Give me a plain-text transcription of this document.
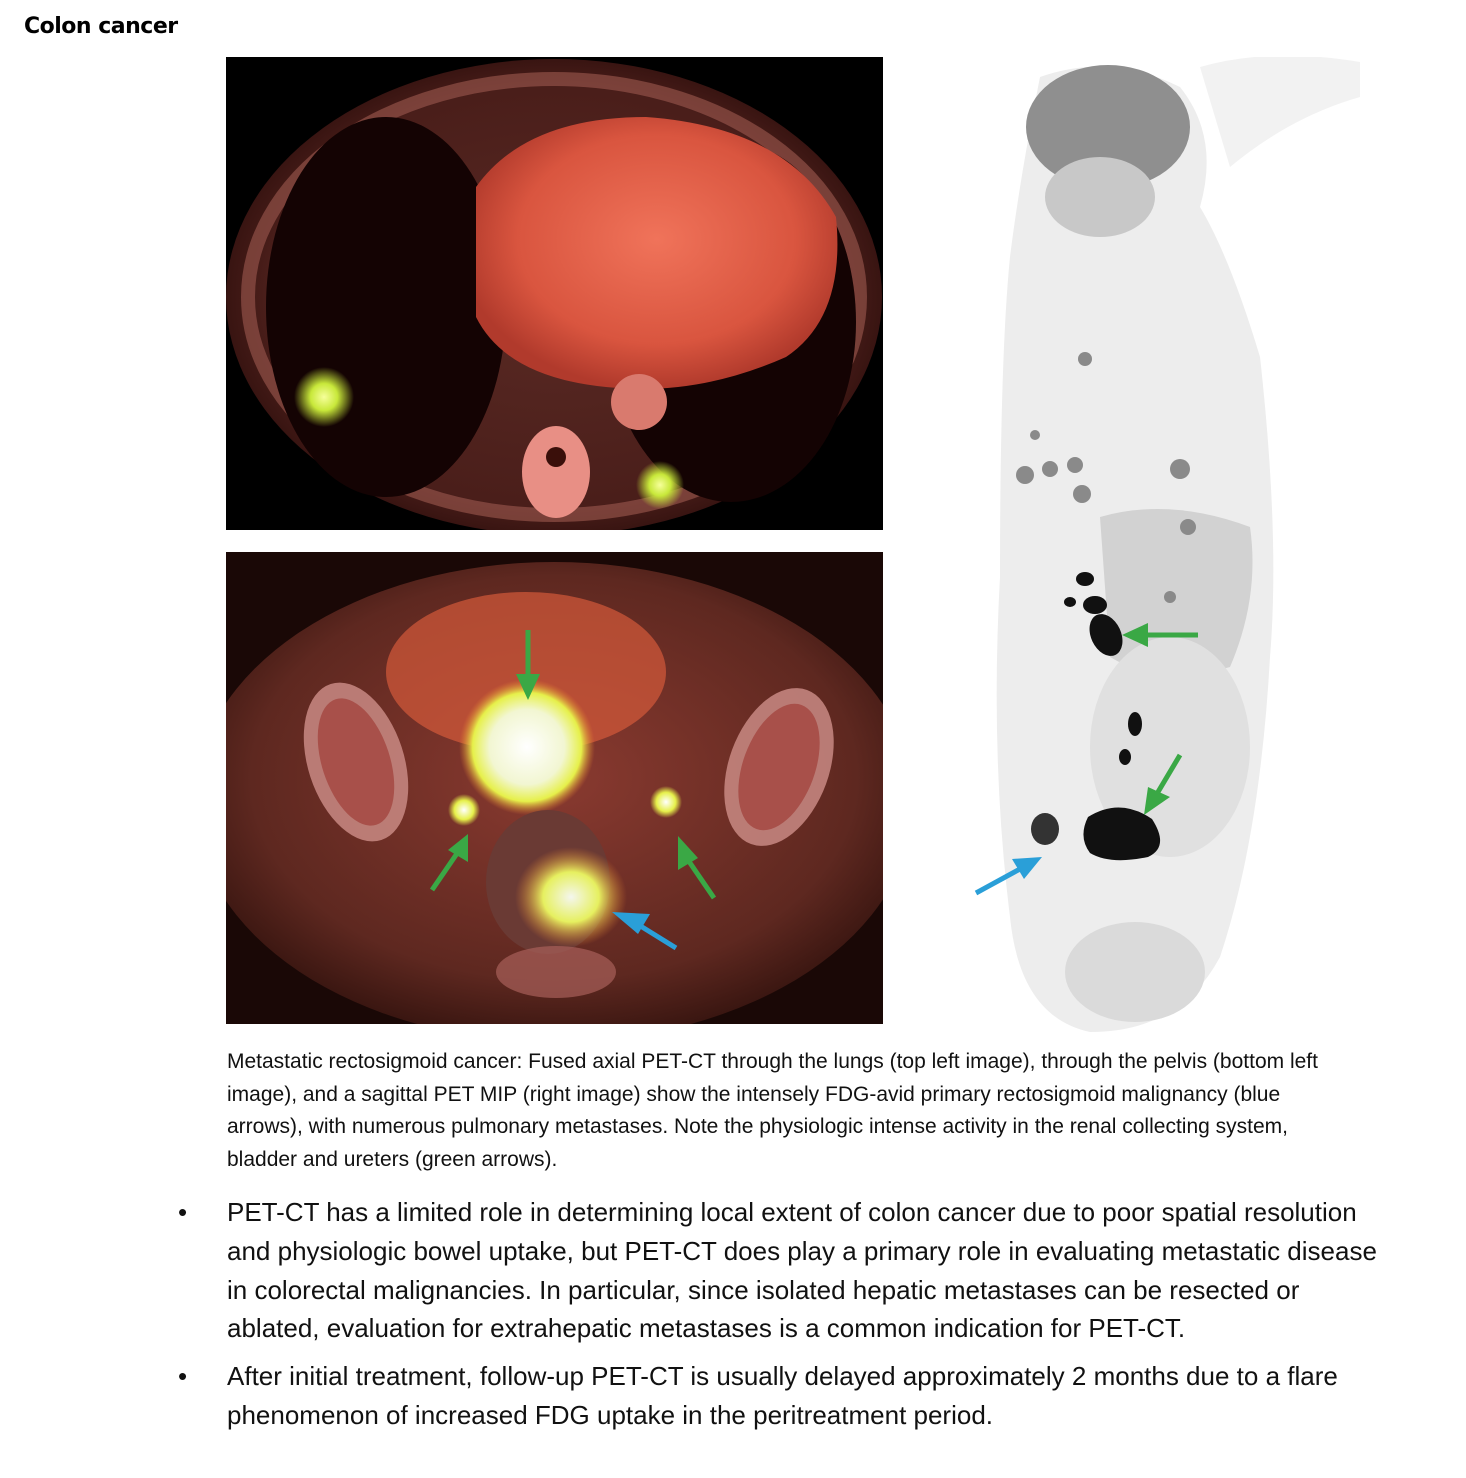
Colon cancer
Metastatic rectosigmoid cancer: Fused axial PET-CT through the lungs (top left image), through the pelvis (bottom left image), and a sagittal PET MIP (right image) show the intensely FDG-avid primary rectosigmoid malignancy (blue arrows), with numerous pulmonary metastases. Note the physiologic intense activity in the renal collecting system, bladder and ureters (green arrows).
• PET-CT has a limited role in determining local extent of colon cancer due to poor spatial resolution and physiologic bowel uptake, but PET-CT does play a primary role in evaluating metastatic disease in colorectal malignancies. In particular, since isolated hepatic metastases can be resected or ablated, evaluation for extrahepatic metastases is a common indication for PET-CT.
• After initial treatment, follow-up PET-CT is usually delayed approximately 2 months due to a flare phenomenon of increased FDG uptake in the peritreatment period.
